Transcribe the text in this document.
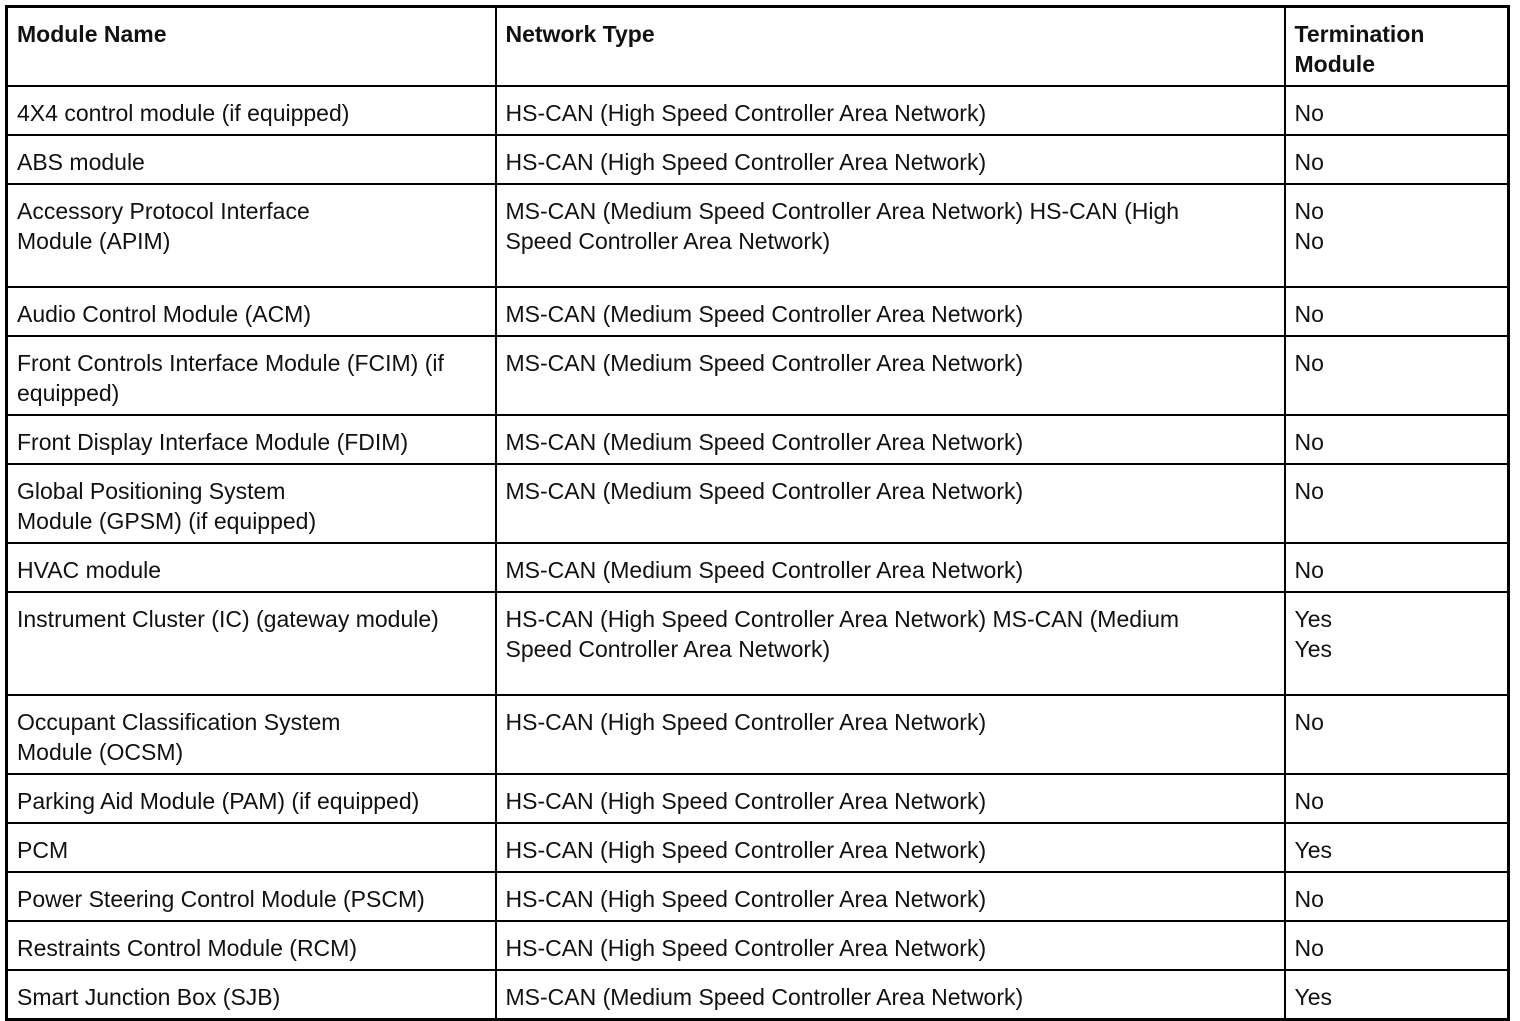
Module Name	Network Type	Termination
Module

4X4 control module (if equipped)	HS-CAN (High Speed Controller Area Network)	No

ABS module	HS-CAN (High Speed Controller Area Network)	No

Accessory Protocol Interface
Module (APIM)	MS-CAN (Medium Speed Controller Area Network) HS-CAN (High
Speed Controller Area Network)	No
No

Audio Control Module (ACM)	MS-CAN (Medium Speed Controller Area Network)	No

Front Controls Interface Module (FCIM) (if
equipped)	MS-CAN (Medium Speed Controller Area Network)	No

Front Display Interface Module (FDIM)	MS-CAN (Medium Speed Controller Area Network)	No

Global Positioning System
Module (GPSM) (if equipped)	MS-CAN (Medium Speed Controller Area Network)	No

HVAC module	MS-CAN (Medium Speed Controller Area Network)	No

Instrument Cluster (IC) (gateway module)	HS-CAN (High Speed Controller Area Network) MS-CAN (Medium
Speed Controller Area Network)	Yes
Yes

Occupant Classification System
Module (OCSM)	HS-CAN (High Speed Controller Area Network)	No

Parking Aid Module (PAM) (if equipped)	HS-CAN (High Speed Controller Area Network)	No

PCM	HS-CAN (High Speed Controller Area Network)	Yes

Power Steering Control Module (PSCM)	HS-CAN (High Speed Controller Area Network)	No

Restraints Control Module (RCM)	HS-CAN (High Speed Controller Area Network)	No

Smart Junction Box (SJB)	MS-CAN (Medium Speed Controller Area Network)	Yes
